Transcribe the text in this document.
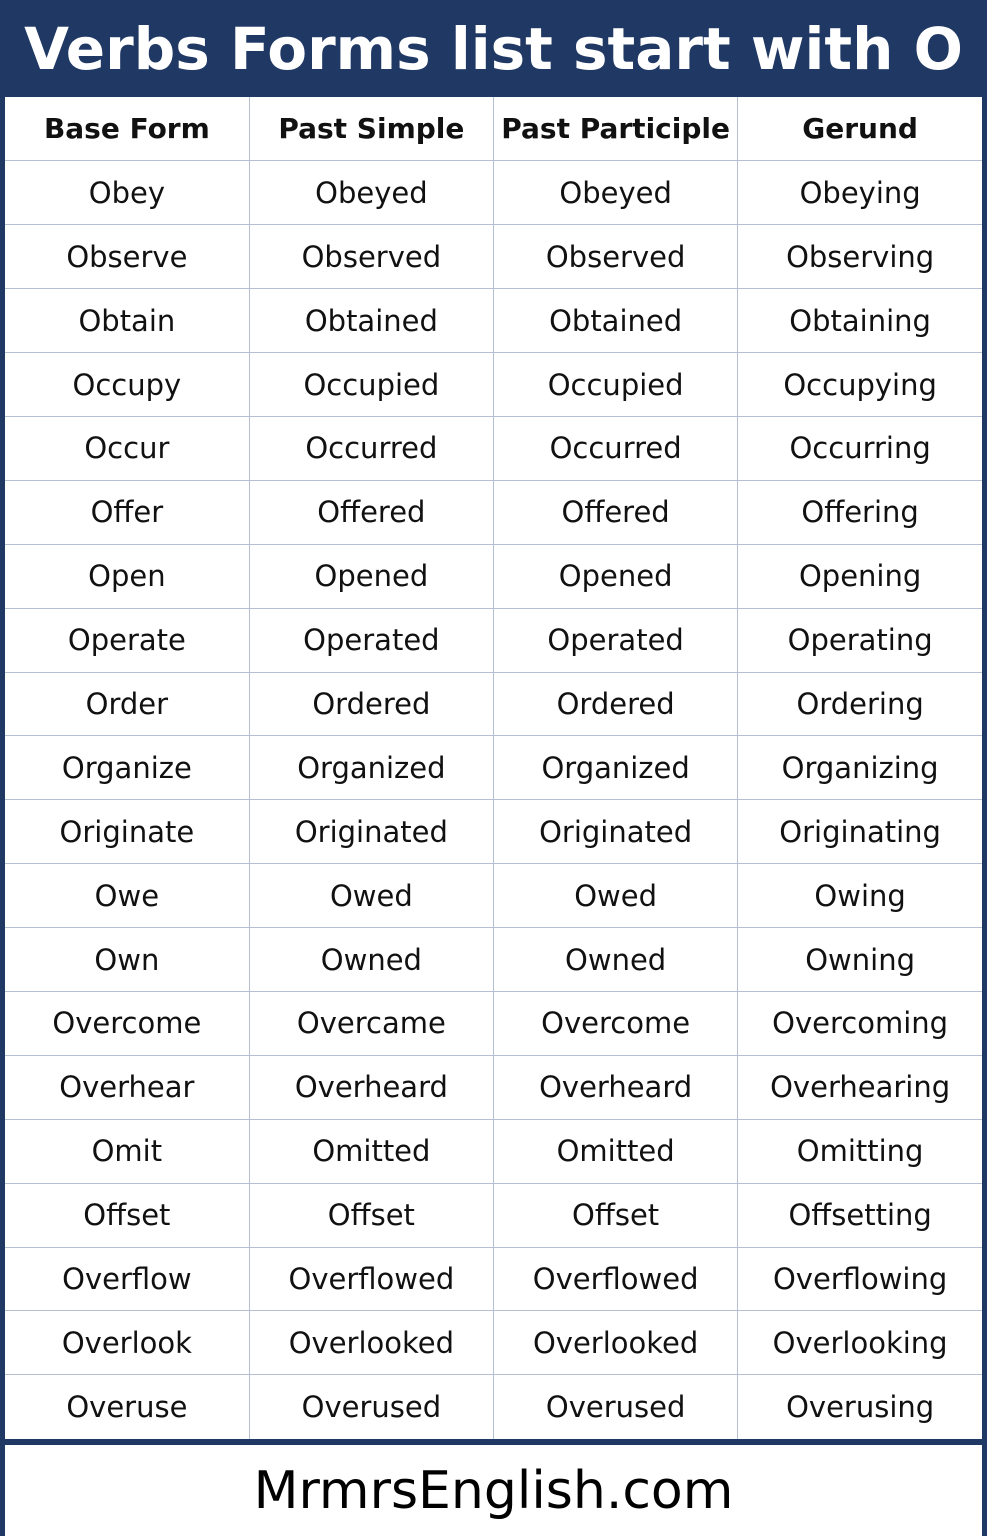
Verbs Forms list start with O
Base Form	Past Simple	Past Participle	Gerund
Obey	Obeyed	Obeyed	Obeying
Observe	Observed	Observed	Observing
Obtain	Obtained	Obtained	Obtaining
Occupy	Occupied	Occupied	Occupying
Occur	Occurred	Occurred	Occurring
Offer	Offered	Offered	Offering
Open	Opened	Opened	Opening
Operate	Operated	Operated	Operating
Order	Ordered	Ordered	Ordering
Organize	Organized	Organized	Organizing
Originate	Originated	Originated	Originating
Owe	Owed	Owed	Owing
Own	Owned	Owned	Owning
Overcome	Overcame	Overcome	Overcoming
Overhear	Overheard	Overheard	Overhearing
Omit	Omitted	Omitted	Omitting
Offset	Offset	Offset	Offsetting
Overflow	Overflowed	Overflowed	Overflowing
Overlook	Overlooked	Overlooked	Overlooking
Overuse	Overused	Overused	Overusing
MrmrsEnglish.com
